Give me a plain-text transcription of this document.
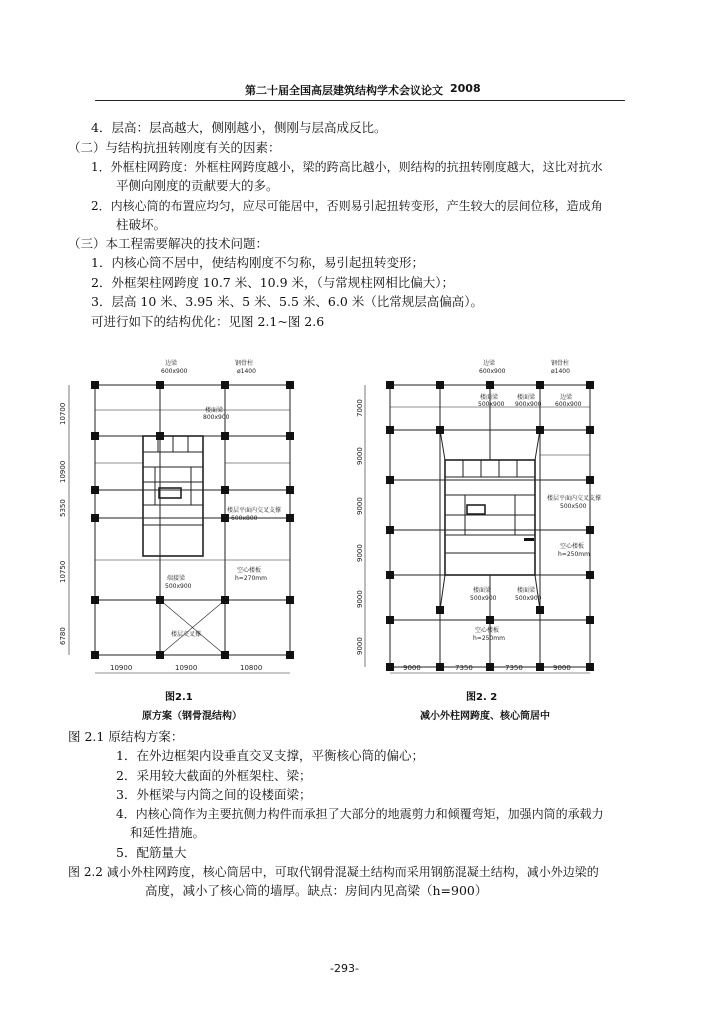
第二十届全国高层建筑结构学术会议论文 2008
4．层高：层高越大，侧刚越小，侧刚与层高成反比。
（二）与结构抗扭转刚度有关的因素：
1．外框柱网跨度：外框柱网跨度越小，梁的跨高比越小，则结构的抗扭转刚度越大，这比对抗水
平侧向刚度的贡献要大的多。
2．内核心筒的布置应均匀，应尽可能居中，否则易引起扭转变形，产生较大的层间位移，造成角
柱破坏。
（三）本工程需要解决的技术问题：
1．内核心筒不居中，使结构刚度不匀称，易引起扭转变形；
2．外框架柱网跨度 10.7 米、10.9 米，（与常规柱网相比偏大）；
3．层高 10 米、3.95 米、5 米、5.5 米、6.0 米（比常规层高偏高）。
可进行如下的结构优化：见图 2.1~图 2.6
边梁
600x900
钢骨柱
ø1400
楼面梁
800x900
楼层平面内交叉支撑
600x800
空心楼板
h=270mm
端接梁
500x900
楼层交叉撑
10700
10900
5350
10750
6780
10900	10900	10800
图2.1
原方案（钢骨混结构）
边梁
600x900
钢骨柱
ø1400
楼面梁
500x900
楼面梁
900x900
边梁
600x900
楼层平面内交叉支撑
500x500
空心楼板
h=250mm
楼面梁
500x900
楼面梁
500x900
空心楼板
h=250mm
7000
9000
9000
9000
9000
9000
9000	7350	7350	9000
图2. 2
减小外柱网跨度、核心筒居中
图 2.1 原结构方案：
1．在外边框架内设垂直交叉支撑，平衡核心筒的偏心；
2．采用较大截面的外框架柱、梁；
3．外框梁与内筒之间的设楼面梁；
4．内核心筒作为主要抗侧力构件而承担了大部分的地震剪力和倾覆弯矩，加强内筒的承载力
和延性措施。
5．配筋量大
图 2.2 减小外柱网跨度，核心筒居中，可取代钢骨混凝土结构而采用钢筋混凝土结构，减小外边梁的
高度，减小了核心筒的墙厚。缺点：房间内见高梁（h=900）
-293-
